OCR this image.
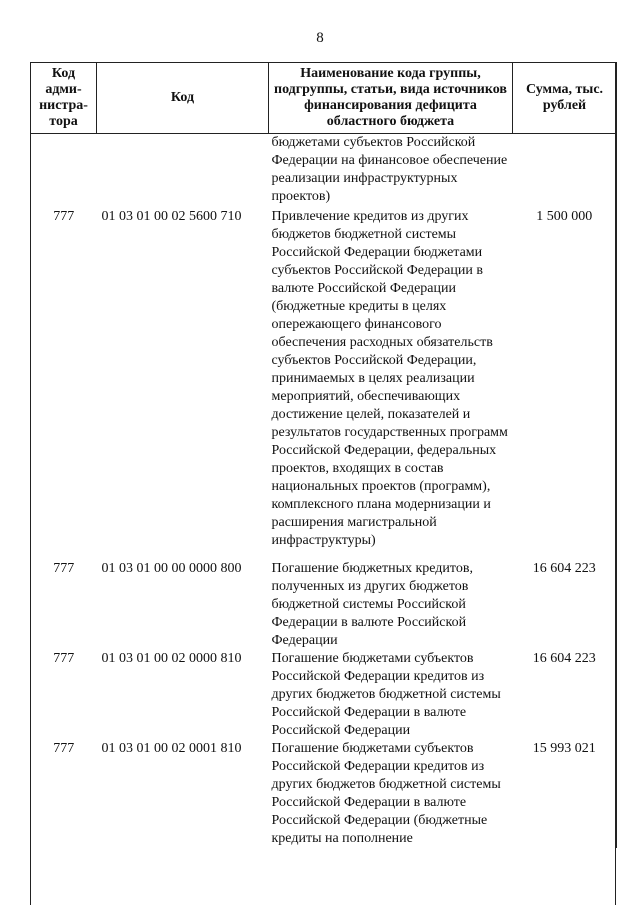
8
Код адми-нистра-тора	Код	Наименование кода группы, подгруппы, статьи, вида источников финансирования дефицита областного бюджета	Сумма, тыс. рублей
		бюджетами субъектов Российской Федерации на финансовое обеспечение реализации инфраструктурных проектов)	
777	01 03 01 00 02 5600 710	Привлечение кредитов из других бюджетов бюджетной системы Российской Федерации бюджетами субъектов Российской Федерации в валюте Российской Федерации (бюджетные кредиты в целях опережающего финансового обеспечения расходных обязательств субъектов Российской Федерации, принимаемых в целях реализации мероприятий, обеспечивающих достижение целей, показателей и результатов государственных программ Российской Федерации, федеральных проектов, входящих в состав национальных проектов (программ), комплексного плана модернизации и расширения магистральной инфраструктуры)	1 500 000
777	01 03 01 00 00 0000 800	Погашение бюджетных кредитов, полученных из других бюджетов бюджетной системы Российской Федерации в валюте Российской Федерации	16 604 223
777	01 03 01 00 02 0000 810	Погашение бюджетами субъектов Российской Федерации кредитов из других бюджетов бюджетной системы Российской Федерации в валюте Российской Федерации	16 604 223
777	01 03 01 00 02 0001 810	Погашение бюджетами субъектов Российской Федерации кредитов из других бюджетов бюджетной системы Российской Федерации в валюте Российской Федерации (бюджетные кредиты на пополнение	15 993 021
